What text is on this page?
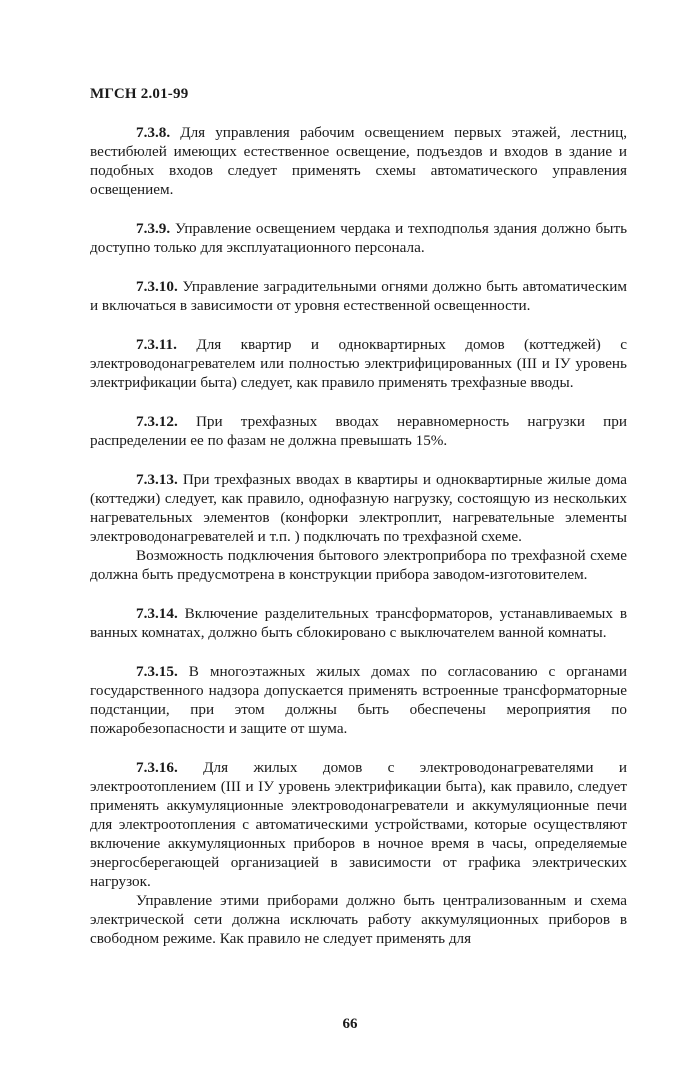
МГСН 2.01-99

7.3.8. Для управления рабочим освещением первых этажей, лестниц, вестибюлей имеющих естественное освещение, подъездов и входов в здание и подобных входов следует применять схемы автоматического управления освещением.

7.3.9. Управление освещением чердака и техподполья здания должно быть доступно только для эксплуатационного персонала.

7.3.10. Управление заградительными огнями должно быть автоматическим и включаться в зависимости от уровня естественной освещенности.

7.3.11. Для квартир и одноквартирных домов (коттеджей) с электроводонагревателем или полностью электрифицированных (III и IУ уровень электрификации быта) следует, как правило применять трехфазные вводы.

7.3.12. При трехфазных вводах неравномерность нагрузки при распределении ее по фазам не должна превышать 15%.

7.3.13. При трехфазных вводах в квартиры и одноквартирные жилые дома (коттеджи) следует, как правило, однофазную нагрузку, состоящую из нескольких нагревательных элементов (конфорки электроплит, нагревательные элементы электроводонагревателей и т.п. ) подключать по трехфазной схеме.

Возможность подключения бытового электроприбора по трехфазной схеме должна быть предусмотрена в конструкции прибора заводом-изготовителем.

7.3.14. Включение разделительных трансформаторов, устанавливаемых в ванных комнатах, должно быть сблокировано с выключателем ванной комнаты.

7.3.15. В многоэтажных жилых домах по согласованию с органами государственного надзора допускается применять встроенные трансформаторные подстанции, при этом должны быть обеспечены мероприятия по пожаробезопасности и защите от шума.

7.3.16. Для жилых домов с электроводонагревателями и электроотоплением (III и IУ уровень электрификации быта), как правило, следует применять аккумуляционные электроводонагреватели и аккумуляционные печи для электроотопления с автоматическими устройствами, которые осуществляют включение аккумуляционных приборов в ночное время в часы, определяемые энергосберегающей организацией в зависимости от графика электрических нагрузок.

Управление этими приборами должно быть централизованным и схема электрической сети должна исключать работу аккумуляционных приборов в свободном режиме. Как правило не следует применять для

66
